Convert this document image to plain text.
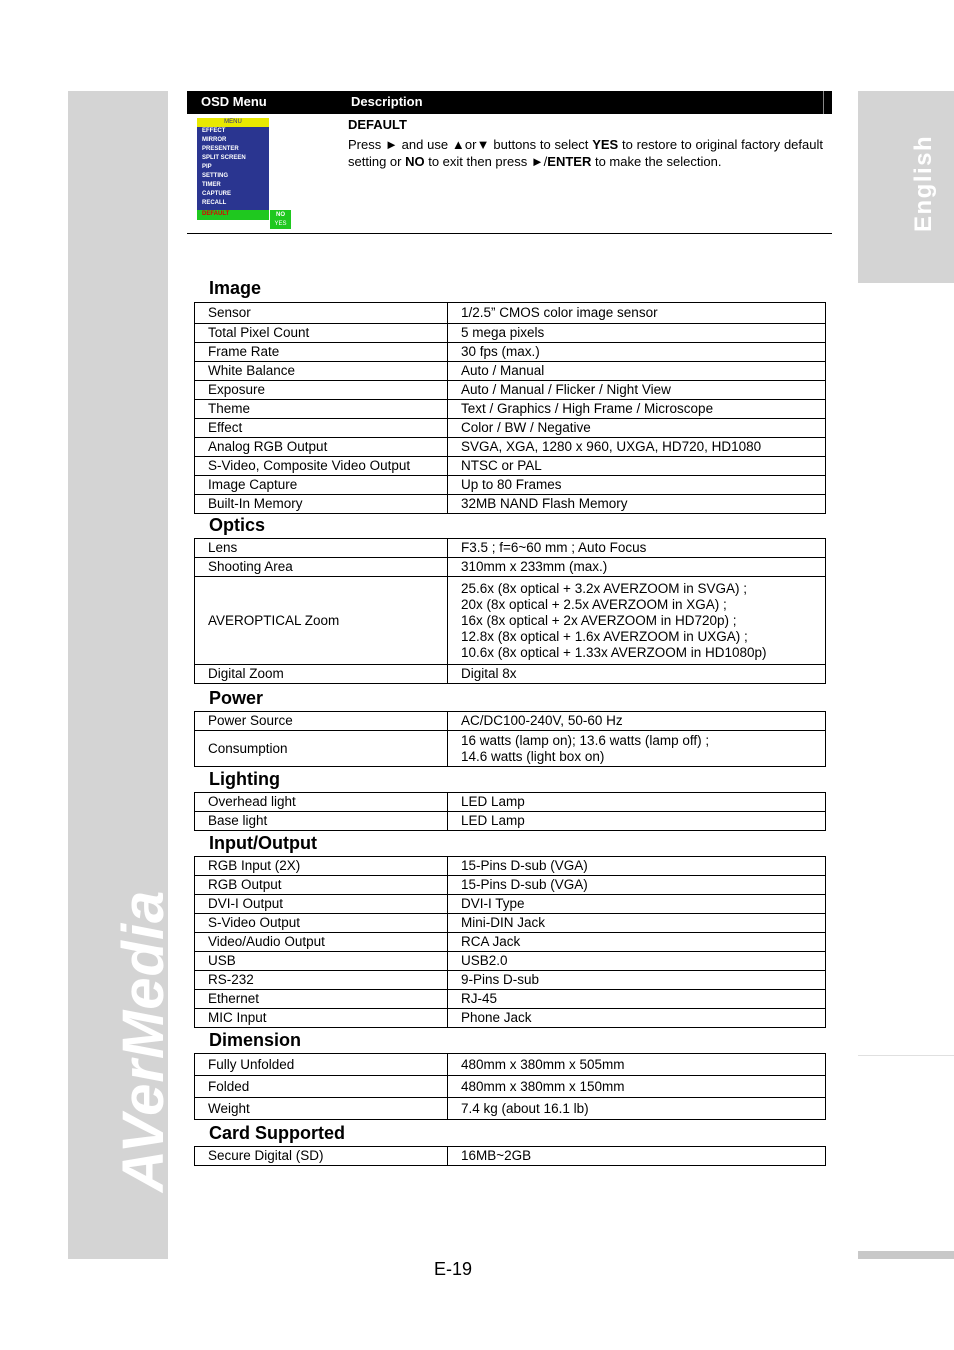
AVerMedia
English
OSD Menu	Description
MENU
EFFECT
MIRROR
PRESENTER
SPLIT SCREEN
PIP
SETTING
TIMER
CAPTURE
RECALL
DEFAULT	NO
YES
DEFAULT
Press ► and use ▲or▼ buttons to select YES to restore to original factory default setting or NO to exit then press ►/ENTER to make the selection.
Image
Sensor	1/2.5” CMOS color image sensor
Total Pixel Count	5 mega pixels
Frame Rate	30 fps (max.)
White Balance	Auto / Manual
Exposure	Auto / Manual / Flicker / Night View
Theme	Text / Graphics / High Frame / Microscope
Effect	Color / BW / Negative
Analog RGB Output	SVGA, XGA, 1280 x 960, UXGA, HD720, HD1080
S-Video, Composite Video Output	NTSC or PAL
Image Capture	Up to 80 Frames
Built-In Memory	32MB NAND Flash Memory
Optics
Lens	F3.5 ; f=6~60 mm ; Auto Focus
Shooting Area	310mm x 233mm (max.)
AVEROPTICAL Zoom	25.6x (8x optical + 3.2x AVERZOOM in SVGA) ;
20x (8x optical + 2.5x AVERZOOM in XGA) ;
16x (8x optical + 2x AVERZOOM in HD720p) ;
12.8x (8x optical + 1.6x AVERZOOM in UXGA) ;
10.6x (8x optical + 1.33x AVERZOOM in HD1080p)
Digital Zoom	Digital 8x
Power
Power Source	AC/DC100-240V, 50-60 Hz
Consumption	16 watts (lamp on); 13.6 watts (lamp off) ;
14.6 watts (light box on)
Lighting
Overhead light	LED Lamp
Base light	LED Lamp
Input/Output
RGB Input (2X)	15-Pins D-sub (VGA)
RGB Output	15-Pins D-sub (VGA)
DVI-I Output	DVI-I Type
S-Video Output	Mini-DIN Jack
Video/Audio Output	RCA Jack
USB	USB2.0
RS-232	9-Pins D-sub
Ethernet	RJ-45
MIC Input	Phone Jack
Dimension
Fully Unfolded	480mm x 380mm x 505mm
Folded	480mm x 380mm x 150mm
Weight	7.4 kg (about 16.1 lb)
Card Supported
Secure Digital (SD)	16MB~2GB
E-19
